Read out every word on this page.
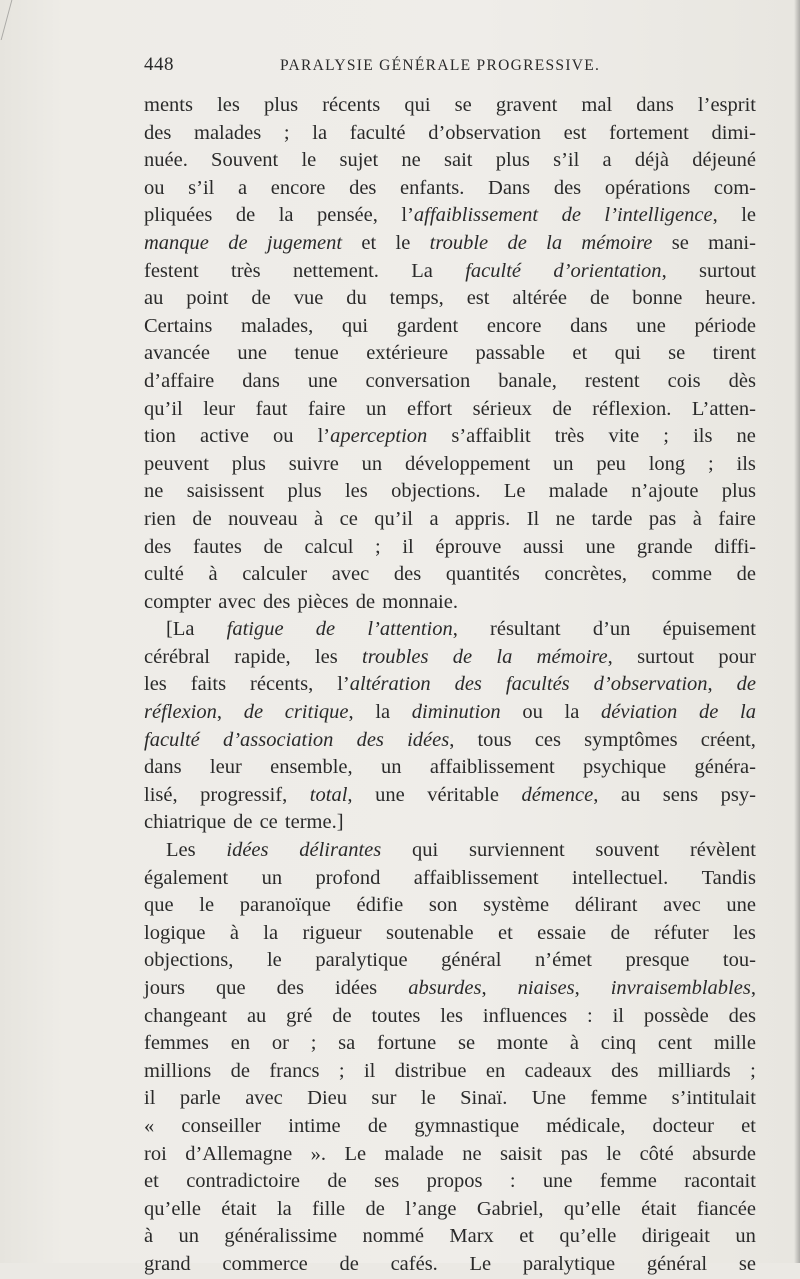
448	PARALYSIE GÉNÉRALE PROGRESSIVE.
ments les plus récents qui se gravent mal dans l’esprit
des malades ; la faculté d’observation est fortement dimi-
nuée. Souvent le sujet ne sait plus s’il a déjà déjeuné
ou s’il a encore des enfants. Dans des opérations com-
pliquées de la pensée, l’affaiblissement de l’intelligence, le
manque de jugement et le trouble de la mémoire se mani-
festent très nettement. La faculté d’orientation, surtout
au point de vue du temps, est altérée de bonne heure.
Certains malades, qui gardent encore dans une période
avancée une tenue extérieure passable et qui se tirent
d’affaire dans une conversation banale, restent cois dès
qu’il leur faut faire un effort sérieux de réflexion. L’atten-
tion active ou l’aperception s’affaiblit très vite ; ils ne
peuvent plus suivre un développement un peu long ; ils
ne saisissent plus les objections. Le malade n’ajoute plus
rien de nouveau à ce qu’il a appris. Il ne tarde pas à faire
des fautes de calcul ; il éprouve aussi une grande diffi-
culté à calculer avec des quantités concrètes, comme de
compter avec des pièces de monnaie.
[La fatigue de l’attention, résultant d’un épuisement
cérébral rapide, les troubles de la mémoire, surtout pour
les faits récents, l’altération des facultés d’observation, de
réflexion, de critique, la diminution ou la déviation de la
faculté d’association des idées, tous ces symptômes créent,
dans leur ensemble, un affaiblissement psychique généra-
lisé, progressif, total, une véritable démence, au sens psy-
chiatrique de ce terme.]
Les idées délirantes qui surviennent souvent révèlent
également un profond affaiblissement intellectuel. Tandis
que le paranoïque édifie son système délirant avec une
logique à la rigueur soutenable et essaie de réfuter les
objections, le paralytique général n’émet presque tou-
jours que des idées absurdes, niaises, invraisemblables,
changeant au gré de toutes les influences : il possède des
femmes en or ; sa fortune se monte à cinq cent mille
millions de francs ; il distribue en cadeaux des milliards ;
il parle avec Dieu sur le Sinaï. Une femme s’intitulait
« conseiller intime de gymnastique médicale, docteur et
roi d’Allemagne ». Le malade ne saisit pas le côté absurde
et contradictoire de ses propos : une femme racontait
qu’elle était la fille de l’ange Gabriel, qu’elle était fiancée
à un généralissime nommé Marx et qu’elle dirigeait un
grand commerce de cafés. Le paralytique général se
